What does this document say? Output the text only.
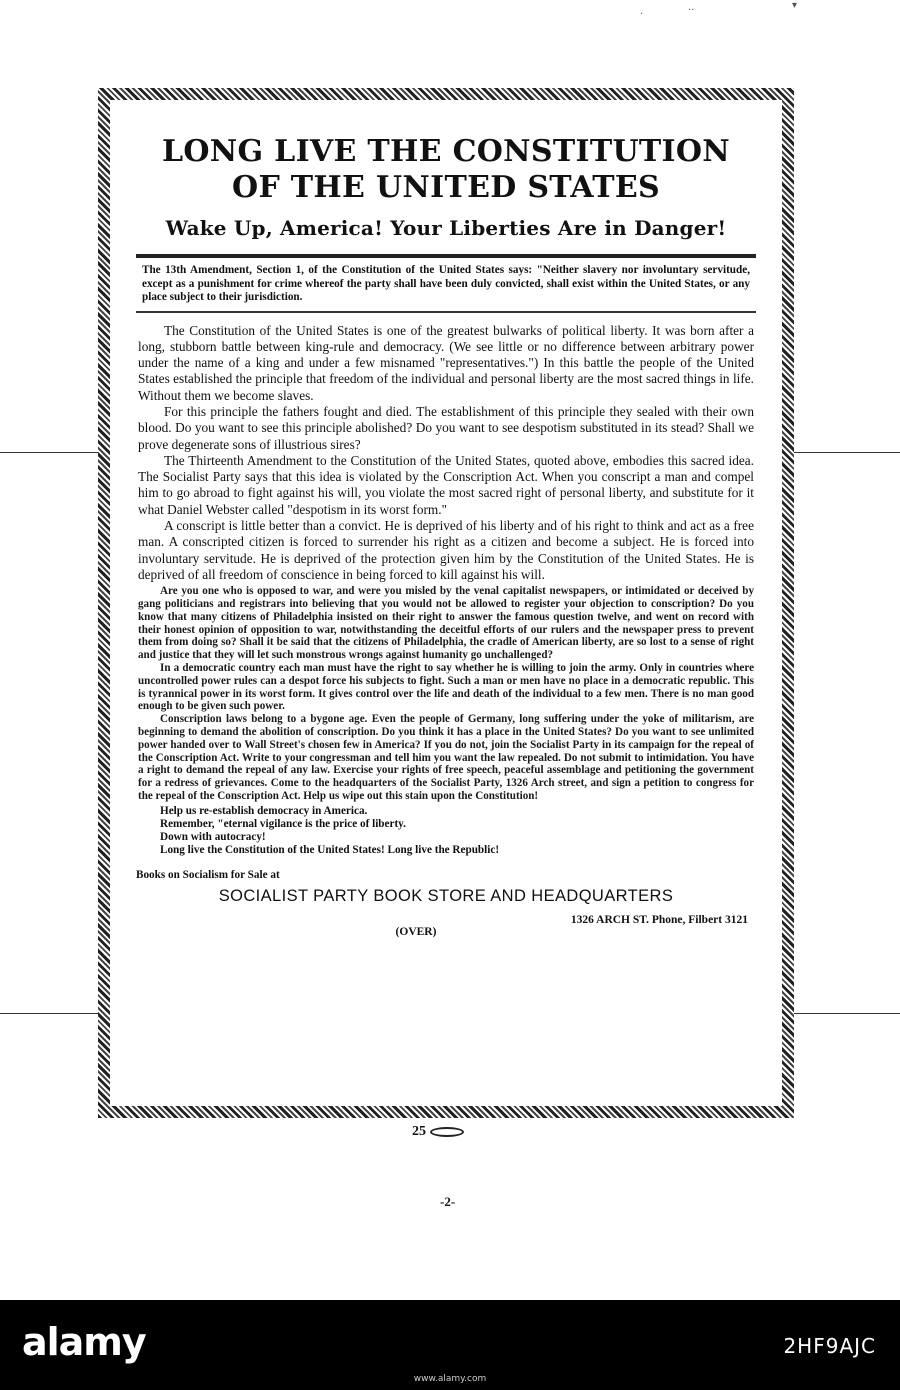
.	..	▾
LONG LIVE THE CONSTITUTION
OF THE UNITED STATES
Wake Up, America! Your Liberties Are in Danger!
The 13th Amendment, Section 1, of the Constitution of the United States says: "Neither slavery nor involuntary servitude, except as a punishment for crime whereof the party shall have been duly convicted, shall exist within the United States, or any place subject to their jurisdiction.

The Constitution of the United States is one of the greatest bulwarks of political liberty. It was born after a long, stubborn battle between king-rule and democracy. (We see little or no difference between arbitrary power under the name of a king and under a few misnamed "representatives.") In this battle the people of the United States established the principle that freedom of the individual and personal liberty are the most sacred things in life. Without them we become slaves.

For this principle the fathers fought and died. The establishment of this principle they sealed with their own blood. Do you want to see this principle abolished? Do you want to see despotism substituted in its stead? Shall we prove degenerate sons of illustrious sires?

The Thirteenth Amendment to the Constitution of the United States, quoted above, embodies this sacred idea. The Socialist Party says that this idea is violated by the Conscription Act. When you conscript a man and compel him to go abroad to fight against his will, you violate the most sacred right of personal liberty, and substitute for it what Daniel Webster called "despotism in its worst form."

A conscript is little better than a convict. He is deprived of his liberty and of his right to think and act as a free man. A conscripted citizen is forced to surrender his right as a citizen and become a subject. He is forced into involuntary servitude. He is deprived of the protection given him by the Constitution of the United States. He is deprived of all freedom of conscience in being forced to kill against his will.

Are you one who is opposed to war, and were you misled by the venal capitalist newspapers, or intimidated or deceived by gang politicians and registrars into believing that you would not be allowed to register your objection to conscription? Do you know that many citizens of Philadelphia insisted on their right to answer the famous question twelve, and went on record with their honest opinion of opposition to war, notwithstanding the deceitful efforts of our rulers and the newspaper press to prevent them from doing so? Shall it be said that the citizens of Philadelphia, the cradle of American liberty, are so lost to a sense of right and justice that they will let such monstrous wrongs against humanity go unchallenged?

In a democratic country each man must have the right to say whether he is willing to join the army. Only in countries where uncontrolled power rules can a despot force his subjects to fight. Such a man or men have no place in a democratic republic. This is tyrannical power in its worst form. It gives control over the life and death of the individual to a few men. There is no man good enough to be given such power.

Conscription laws belong to a bygone age. Even the people of Germany, long suffering under the yoke of militarism, are beginning to demand the abolition of conscription. Do you think it has a place in the United States? Do you want to see unlimited power handed over to Wall Street's chosen few in America? If you do not, join the Socialist Party in its campaign for the repeal of the Conscription Act. Write to your congressman and tell him you want the law repealed. Do not submit to intimidation. You have a right to demand the repeal of any law. Exercise your rights of free speech, peaceful assemblage and petitioning the government for a redress of grievances. Come to the headquarters of the Socialist Party, 1326 Arch street, and sign a petition to congress for the repeal of the Conscription Act. Help us wipe out this stain upon the Constitution!

Help us re-establish democracy in America.
Remember, "eternal vigilance is the price of liberty.
Down with autocracy!
Long live the Constitution of the United States! Long live the Republic!
Books on Socialism for Sale at
SOCIALIST PARTY BOOK STORE AND HEADQUARTERS
1326 ARCH ST. Phone, Filbert 3121
(OVER)
25
-2-
alamy	2HF9AJC
www.alamy.com
